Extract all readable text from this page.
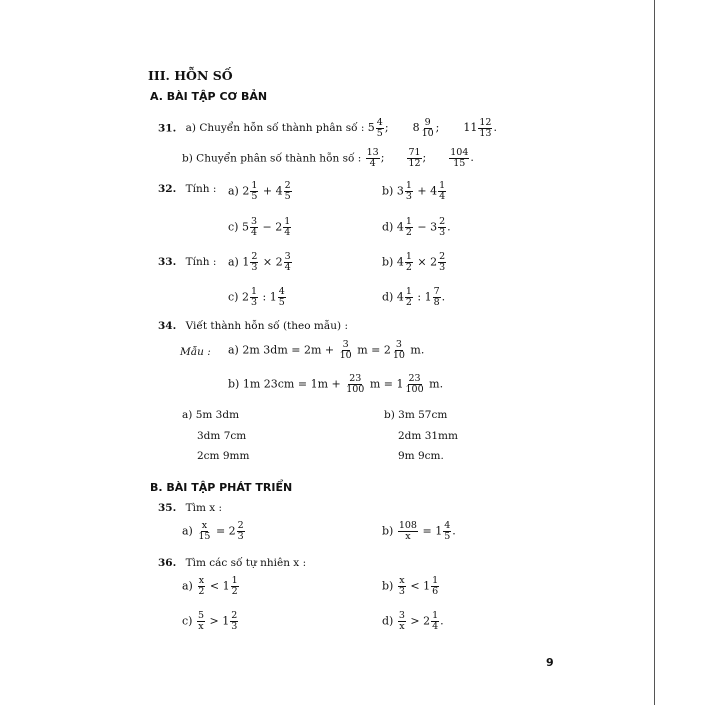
III. HỖN SỐ
A. BÀI TẬP CƠ BẢN
31. a) Chuyển hỗn số thành phân số : $5 \frac{4}{5}$ ; $8 \frac{9}{10}$ ; $11 \frac{12}{13}$ .
b) Chuyển phân số thành hỗn số : $\frac{13}{4}$ ; $\frac{71}{12}$ ; $\frac{104}{15}$ .
32. Tính : a) $2 \frac{1}{5} + 4 \frac{2}{5}$	b) $3 \frac{1}{3} + 4 \frac{1}{4}$
c) $5 \frac{3}{4} - 2 \frac{1}{4}$	d) $4 \frac{1}{2} - 3 \frac{2}{3}$ .
33. Tính : a) $1 \frac{2}{3} \times 2 \frac{3}{4}$	b) $4 \frac{1}{2} \times 2 \frac{2}{3}$
c) $2 \frac{1}{3}$ : $1 \frac{4}{5}$	d) $4 \frac{1}{2}$ : $1 \frac{7}{8}$ .
34. Viết thành hỗn số (theo mẫu) :
Mẫu : a) 2m $3dm = 2m + \frac{3}{10}$ $m = 2 \frac{3}{10} m$.
b) 1m $23cm = 1m + \frac{23}{100}$ $m = 1 \frac{23}{100} m$.
a) 5m 3dm
3dm 7cm
2cm 9mm
b) 3m 57cm
2dm 31mm
9m 9cm.
B. BÀI TẬP PHÁT TRIỂN
35. Tìm x :
$a) \frac{x}{15} = 2 \frac{2}{3}$	$b) \frac{108}{x} = 1 \frac{4}{5}$ .
36. Tìm các số tự nhiên x :
$a) \frac{x}{2} < 1 \frac{1}{2}$	$b) \frac{x}{3} < 1 \frac{1}{6}$
$c) \frac{5}{x} > 1 \frac{2}{3}$	$d) \frac{3}{x} > 2 \frac{1}{4}$ .
9
